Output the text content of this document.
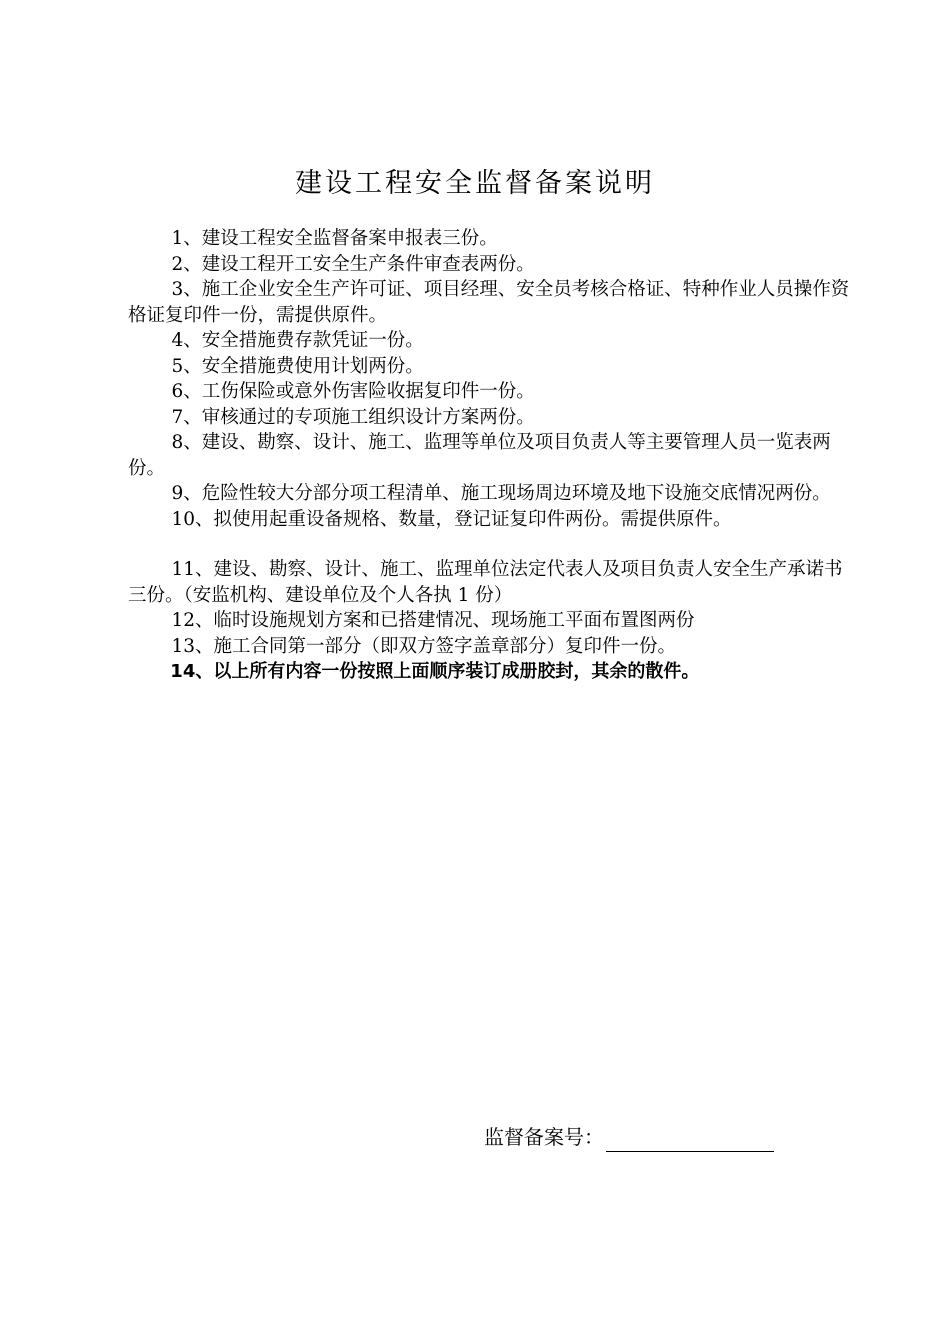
建设工程安全监督备案说明

1、建设工程安全监督备案申报表三份。

2、建设工程开工安全生产条件审查表两份。

3、施工企业安全生产许可证、项目经理、安全员考核合格证、特种作业人员操作资格证复印件一份，需提供原件。

4、安全措施费存款凭证一份。

5、安全措施费使用计划两份。

6、工伤保险或意外伤害险收据复印件一份。

7、审核通过的专项施工组织设计方案两份。

8、建设、勘察、设计、施工、监理等单位及项目负责人等主要管理人员一览表两份。

9、危险性较大分部分项工程清单、施工现场周边环境及地下设施交底情况两份。

10、拟使用起重设备规格、数量，登记证复印件两份。需提供原件。

11、建设、勘察、设计、施工、监理单位法定代表人及项目负责人安全生产承诺书三份。（安监机构、建设单位及个人各执 1 份）

12、临时设施规划方案和已搭建情况、现场施工平面布置图两份

13、施工合同第一部分（即双方签字盖章部分）复印件一份。

14、以上所有内容一份按照上面顺序装订成册胶封，其余的散件。

监督备案号：
